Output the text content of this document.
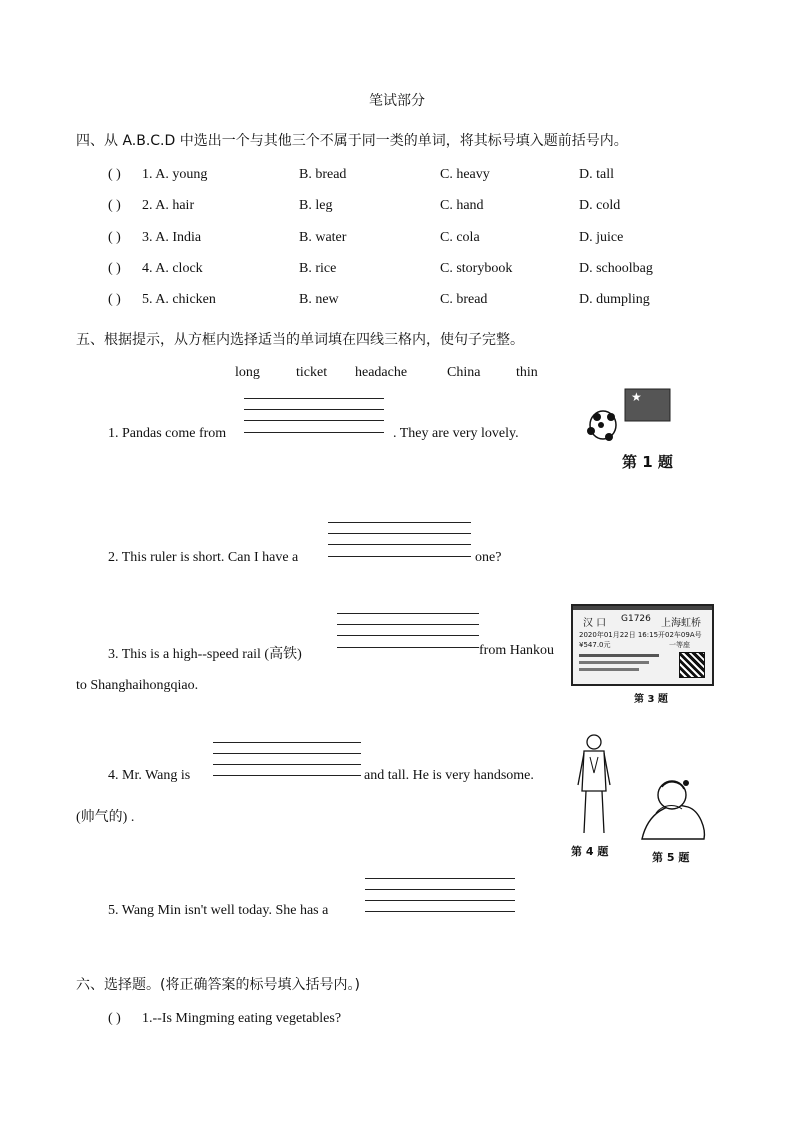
笔试部分
四、从 A.B.C.D 中选出一个与其他三个不属于同一类的单词，将其标号填入题前括号内。
( ) 1. A. young	B. bread	C. heavy	D. tall
( ) 2. A. hair	B. leg	C. hand	D. cold
( ) 3. A. India	B. water	C. cola	D. juice
( ) 4. A. clock	B. rice	C. storybook	D. schoolbag
( ) 5. A. chicken	B. new	C. bread	D. dumpling
五、根据提示，从方框内选择适当的单词填在四线三格内，使句子完整。
long	ticket headache	China	thin
1. Pandas come from	. They are very lovely.
★
第 1 题
2. This ruler is short. Can I have a	one?
3. This is a high--speed rail (高铁)	from Hankou
to Shanghaihongqiao.
汉 口 G1726 上海虹桥
2020年01月22日 16:15开 02车09A号
¥547.0元	一等座
第 3 题
4. Mr. Wang is	and tall. He is very handsome.
(帅气的) .
第 4 题	第 5 题
5. Wang Min isn't well today. She has a
六、选择题。(将正确答案的标号填入括号内。)
( ) 1.--Is Mingming eating vegetables?
